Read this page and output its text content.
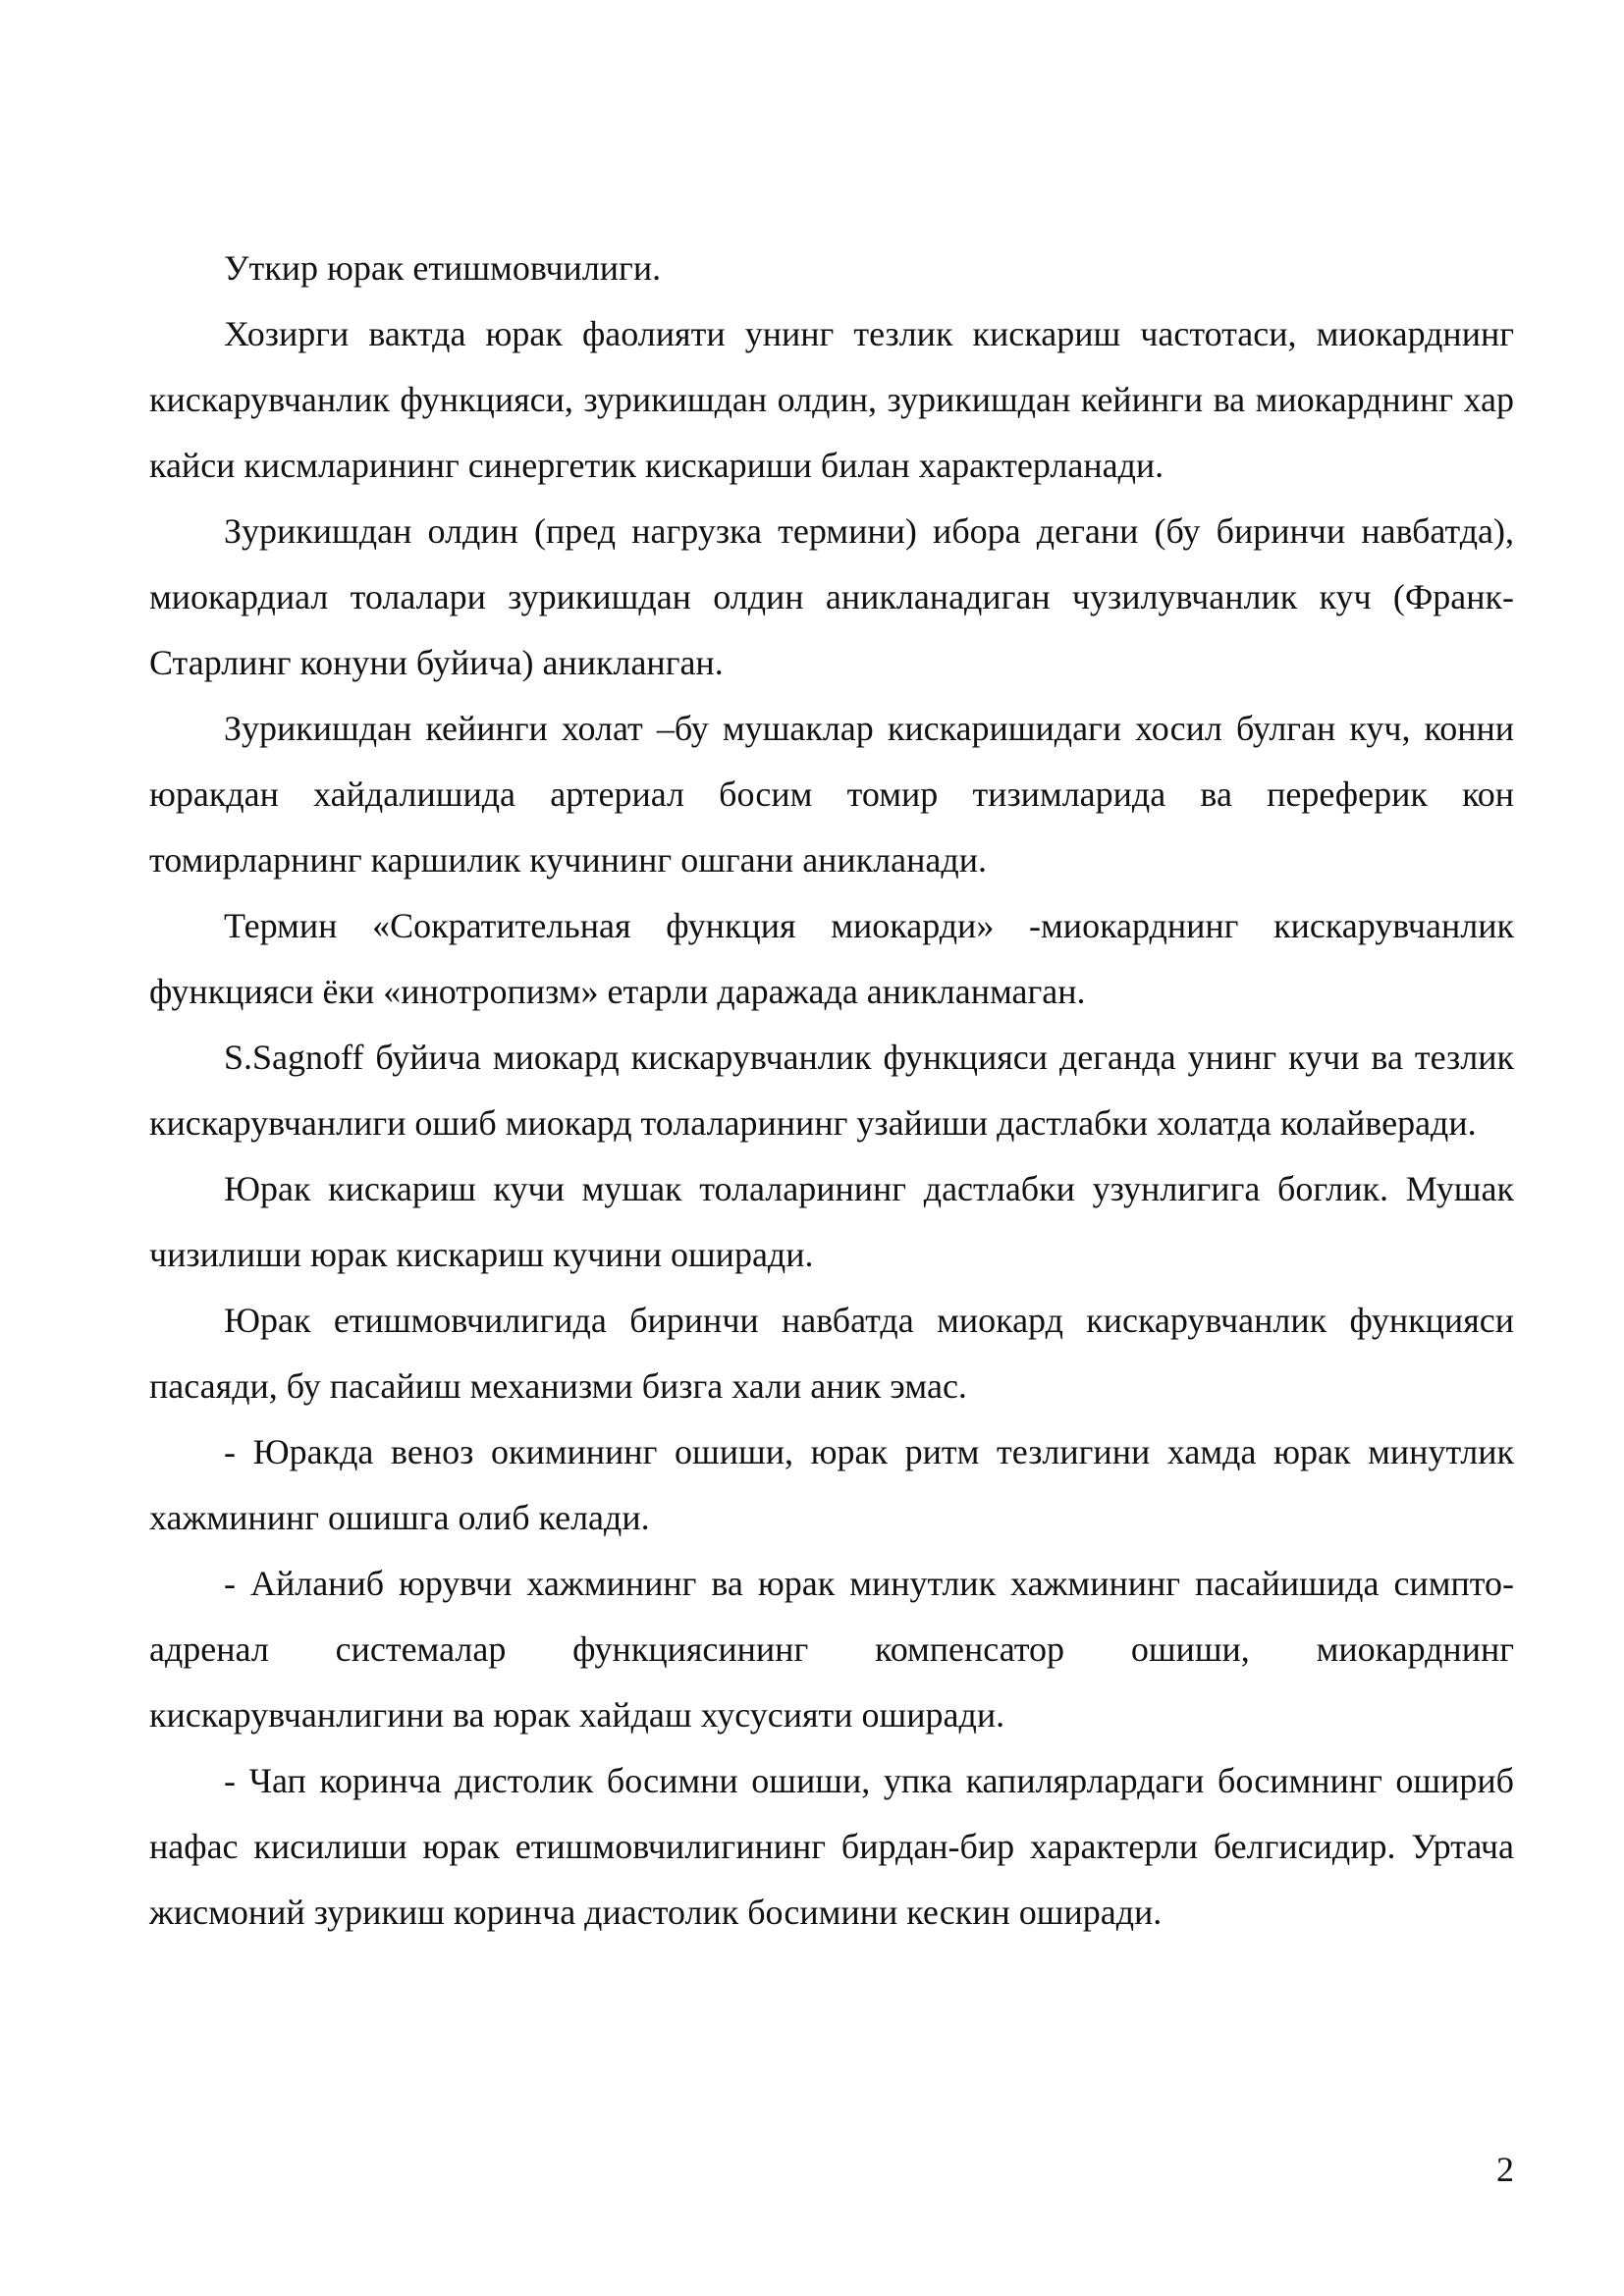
Уткир юрак етишмовчилиги.

Хозирги вактда юрак фаолияти унинг тезлик кискариш частотаси, миокарднинг кискарувчанлик функцияси, зурикишдан олдин, зурикишдан кейинги ва миокарднинг хар кайси кисмларининг синергетик кискариши билан характерланади.

Зурикишдан олдин (пред нагрузка термини) ибора дегани (бу биринчи навбатда), миокардиал толалари зурикишдан олдин аникланадиган чузилувчанлик куч (Франк-Старлинг конуни буйича) аникланган.

Зурикишдан кейинги холат –бу мушаклар кискаришидаги хосил булган куч, конни юракдан хайдалишида артериал босим томир тизимларида ва переферик кон томирларнинг каршилик кучининг ошгани аникланади.

Термин «Сократительная функция миокарди» -миокарднинг кискарувчанлик функцияси ёки «инотропизм» етарли даражада аникланмаган.

S.Sagnoff буйича миокард кискарувчанлик функцияси деганда унинг кучи ва тезлик кискарувчанлиги ошиб миокард толаларининг узайиши дастлабки холатда колайверади.

Юрак кискариш кучи мушак толаларининг дастлабки узунлигига боглик. Мушак чизилиши юрак кискариш кучини оширади.

Юрак етишмовчилигида биринчи навбатда миокард кискарувчанлик функцияси пасаяди, бу пасайиш механизми бизга хали аник эмас.

- Юракда веноз окимининг ошиши, юрак ритм тезлигини хамда юрак минутлик хажмининг ошишга олиб келади.

- Айланиб юрувчи хажмининг ва юрак минутлик хажмининг пасайишида симпто-адренал системалар функциясининг компенсатор ошиши, миокарднинг кискарувчанлигини ва юрак хайдаш хусусияти оширади.

- Чап коринча дистолик босимни ошиши, упка капилярлардаги босимнинг ошириб нафас кисилиши юрак етишмовчилигининг бирдан-бир характерли белгисидир. Уртача жисмоний зурикиш коринча диастолик босимини кескин оширади.

2
